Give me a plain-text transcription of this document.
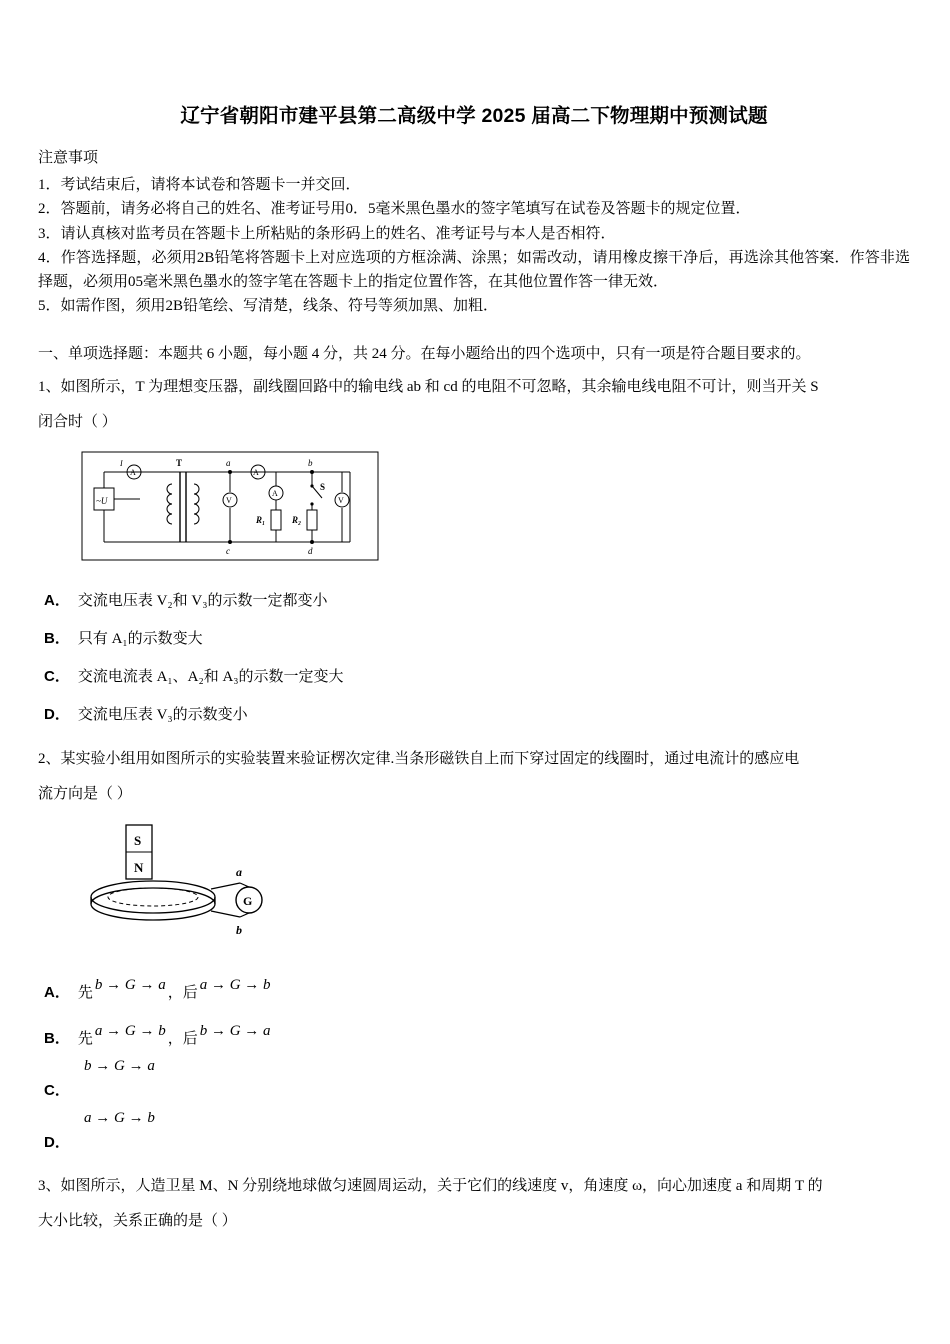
辽宁省朝阳市建平县第二高级中学 2025 届高二下物理期中预测试题
注意事项

1．考试结束后，请将本试卷和答题卡一并交回．

2．答题前，请务必将自己的姓名、准考证号用0．5毫米黑色墨水的签字笔填写在试卷及答题卡的规定位置．

3．请认真核对监考员在答题卡上所粘贴的条形码上的姓名、准考证号与本人是否相符．

4．作答选择题，必须用2B铅笔将答题卡上对应选项的方框涂满、涂黑；如需改动，请用橡皮擦干净后，再选涂其他答案．作答非选择题，必须用05毫米黑色墨水的签字笔在答题卡上的指定位置作答，在其他位置作答一律无效．

5．如需作图，须用2B铅笔绘、写清楚，线条、符号等须加黑、加粗．

一、单项选择题：本题共 6 小题，每小题 4 分，共 24 分。在每小题给出的四个选项中，只有一项是符合题目要求的。

1、如图所示，T 为理想变压器，副线圈回路中的输电线 ab 和 cd 的电阻不可忽略，其余输电线电阻不可计，则当开关 S

闭合时（ ）

~U
A
I	T	a
A
b
V
A
R₁
S
R₂
V
c	d
A． 交流电压表 V₂和 V₃的示数一定都变小
B． 只有 A₁的示数变大
C． 交流电流表 A₁、A₂和 A₃的示数一定变大
D． 交流电压表 V₃的示数变小

2、某实验小组用如图所示的实验装置来验证楞次定律.当条形磁铁自上而下穿过固定的线圈时，通过电流计的感应电

流方向是（ ）

S
N
G
a
b
A． 先 b → G → a ，后 a → G → b
B． 先 a → G → b ，后 b → G → a
b → G → a
C．
a → G → b
D．

3、如图所示，人造卫星 M、N 分别绕地球做匀速圆周运动，关于它们的线速度 v，角速度 ω，向心加速度 a 和周期 T 的

大小比较，关系正确的是（ ）
